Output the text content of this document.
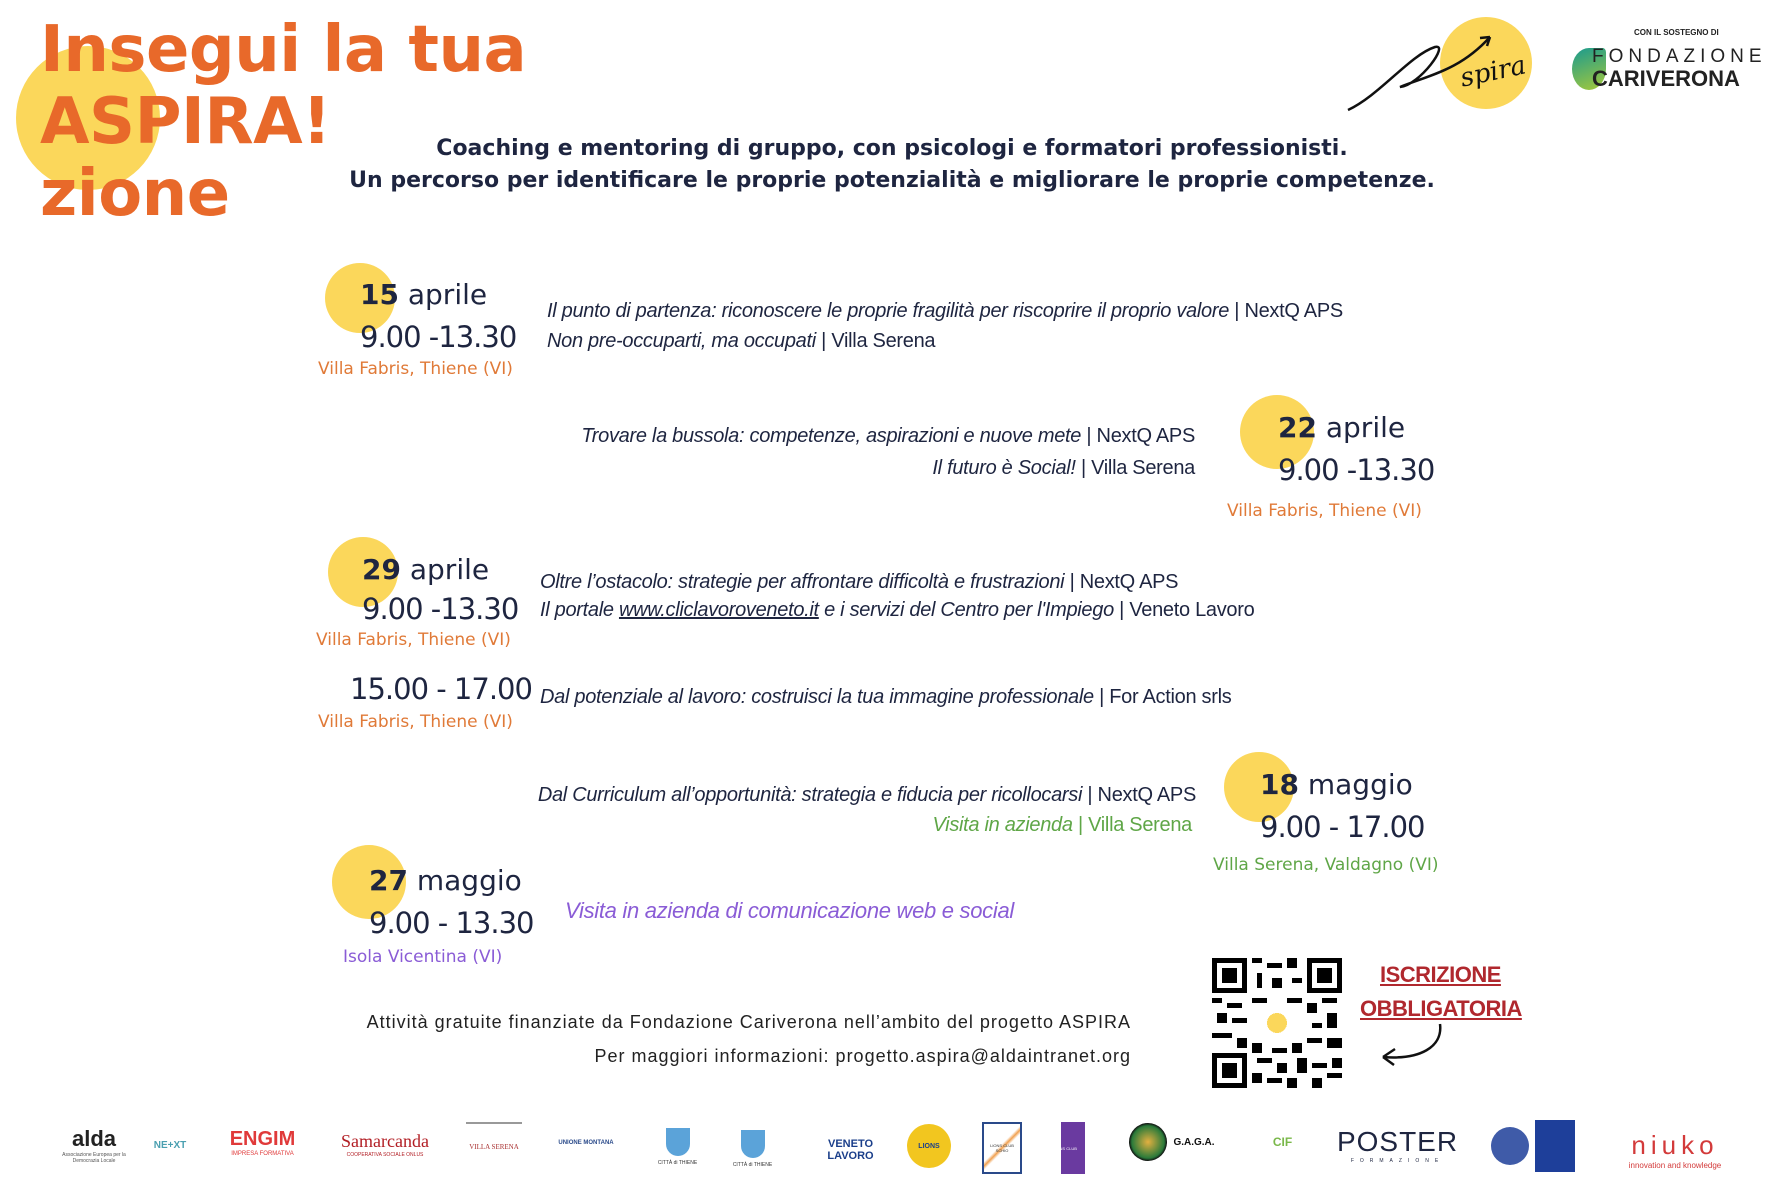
Insegui la tua
ASPIRA!
zione
spira
CON IL SOSTEGNO DI
FONDAZIONE
CARIVERONA
Coaching e mentoring di gruppo, con psicologi e formatori professionisti.
Un percorso per identificare le proprie potenzialità e migliorare le proprie competenze.
15 aprile
9.00 -13.30
Villa Fabris, Thiene (VI)
Il punto di partenza: riconoscere le proprie fragilità per riscoprire il proprio valore | NextQ APS
Non pre-occuparti, ma occupati | Villa Serena
22 aprile
9.00 -13.30
Villa Fabris, Thiene (VI)
Trovare la bussola: competenze, aspirazioni e nuove mete | NextQ APS
Il futuro è Social! | Villa Serena
29 aprile
9.00 -13.30
Villa Fabris, Thiene (VI)
Oltre l’ostacolo: strategie per affrontare difficoltà e frustrazioni | NextQ APS
Il portale www.cliclavoroveneto.it e i servizi del Centro per l'Impiego | Veneto Lavoro
15.00 - 17.00
Villa Fabris, Thiene (VI)
Dal potenziale al lavoro: costruisci la tua immagine professionale | For Action srls
18 maggio
9.00 - 17.00
Villa Serena, Valdagno (VI)
Dal Curriculum all’opportunità: strategia e fiducia per ricollocarsi | NextQ APS
Visita in azienda | Villa Serena
27 maggio
9.00 - 13.30
Isola Vicentina (VI)
Visita in azienda di comunicazione web e social
Attività gratuite finanziate da Fondazione Cariverona nell’ambito del progetto ASPIRA
Per maggiori informazioni: progetto.aspira@aldaintranet.org
ISCRIZIONE
OBBLIGATORIA
alda
Associazione Europea per la Democrazia Locale
NE+XT ENGIM
IMPRESA FORMATIVA
Samarcanda
COOPERATIVA SOCIALE ONLUS
VILLA SERENA	UNIONE MONTANA
CITTÀ di THIENE	CITTÀ di THIENE
VENETO LAVORO
LIONS	LIONS CLUB SCHIO	LIONS CLUB
G.A.G.A.	CIF POSTER
FORMAZIONE
niuko
innovation and knowledge
